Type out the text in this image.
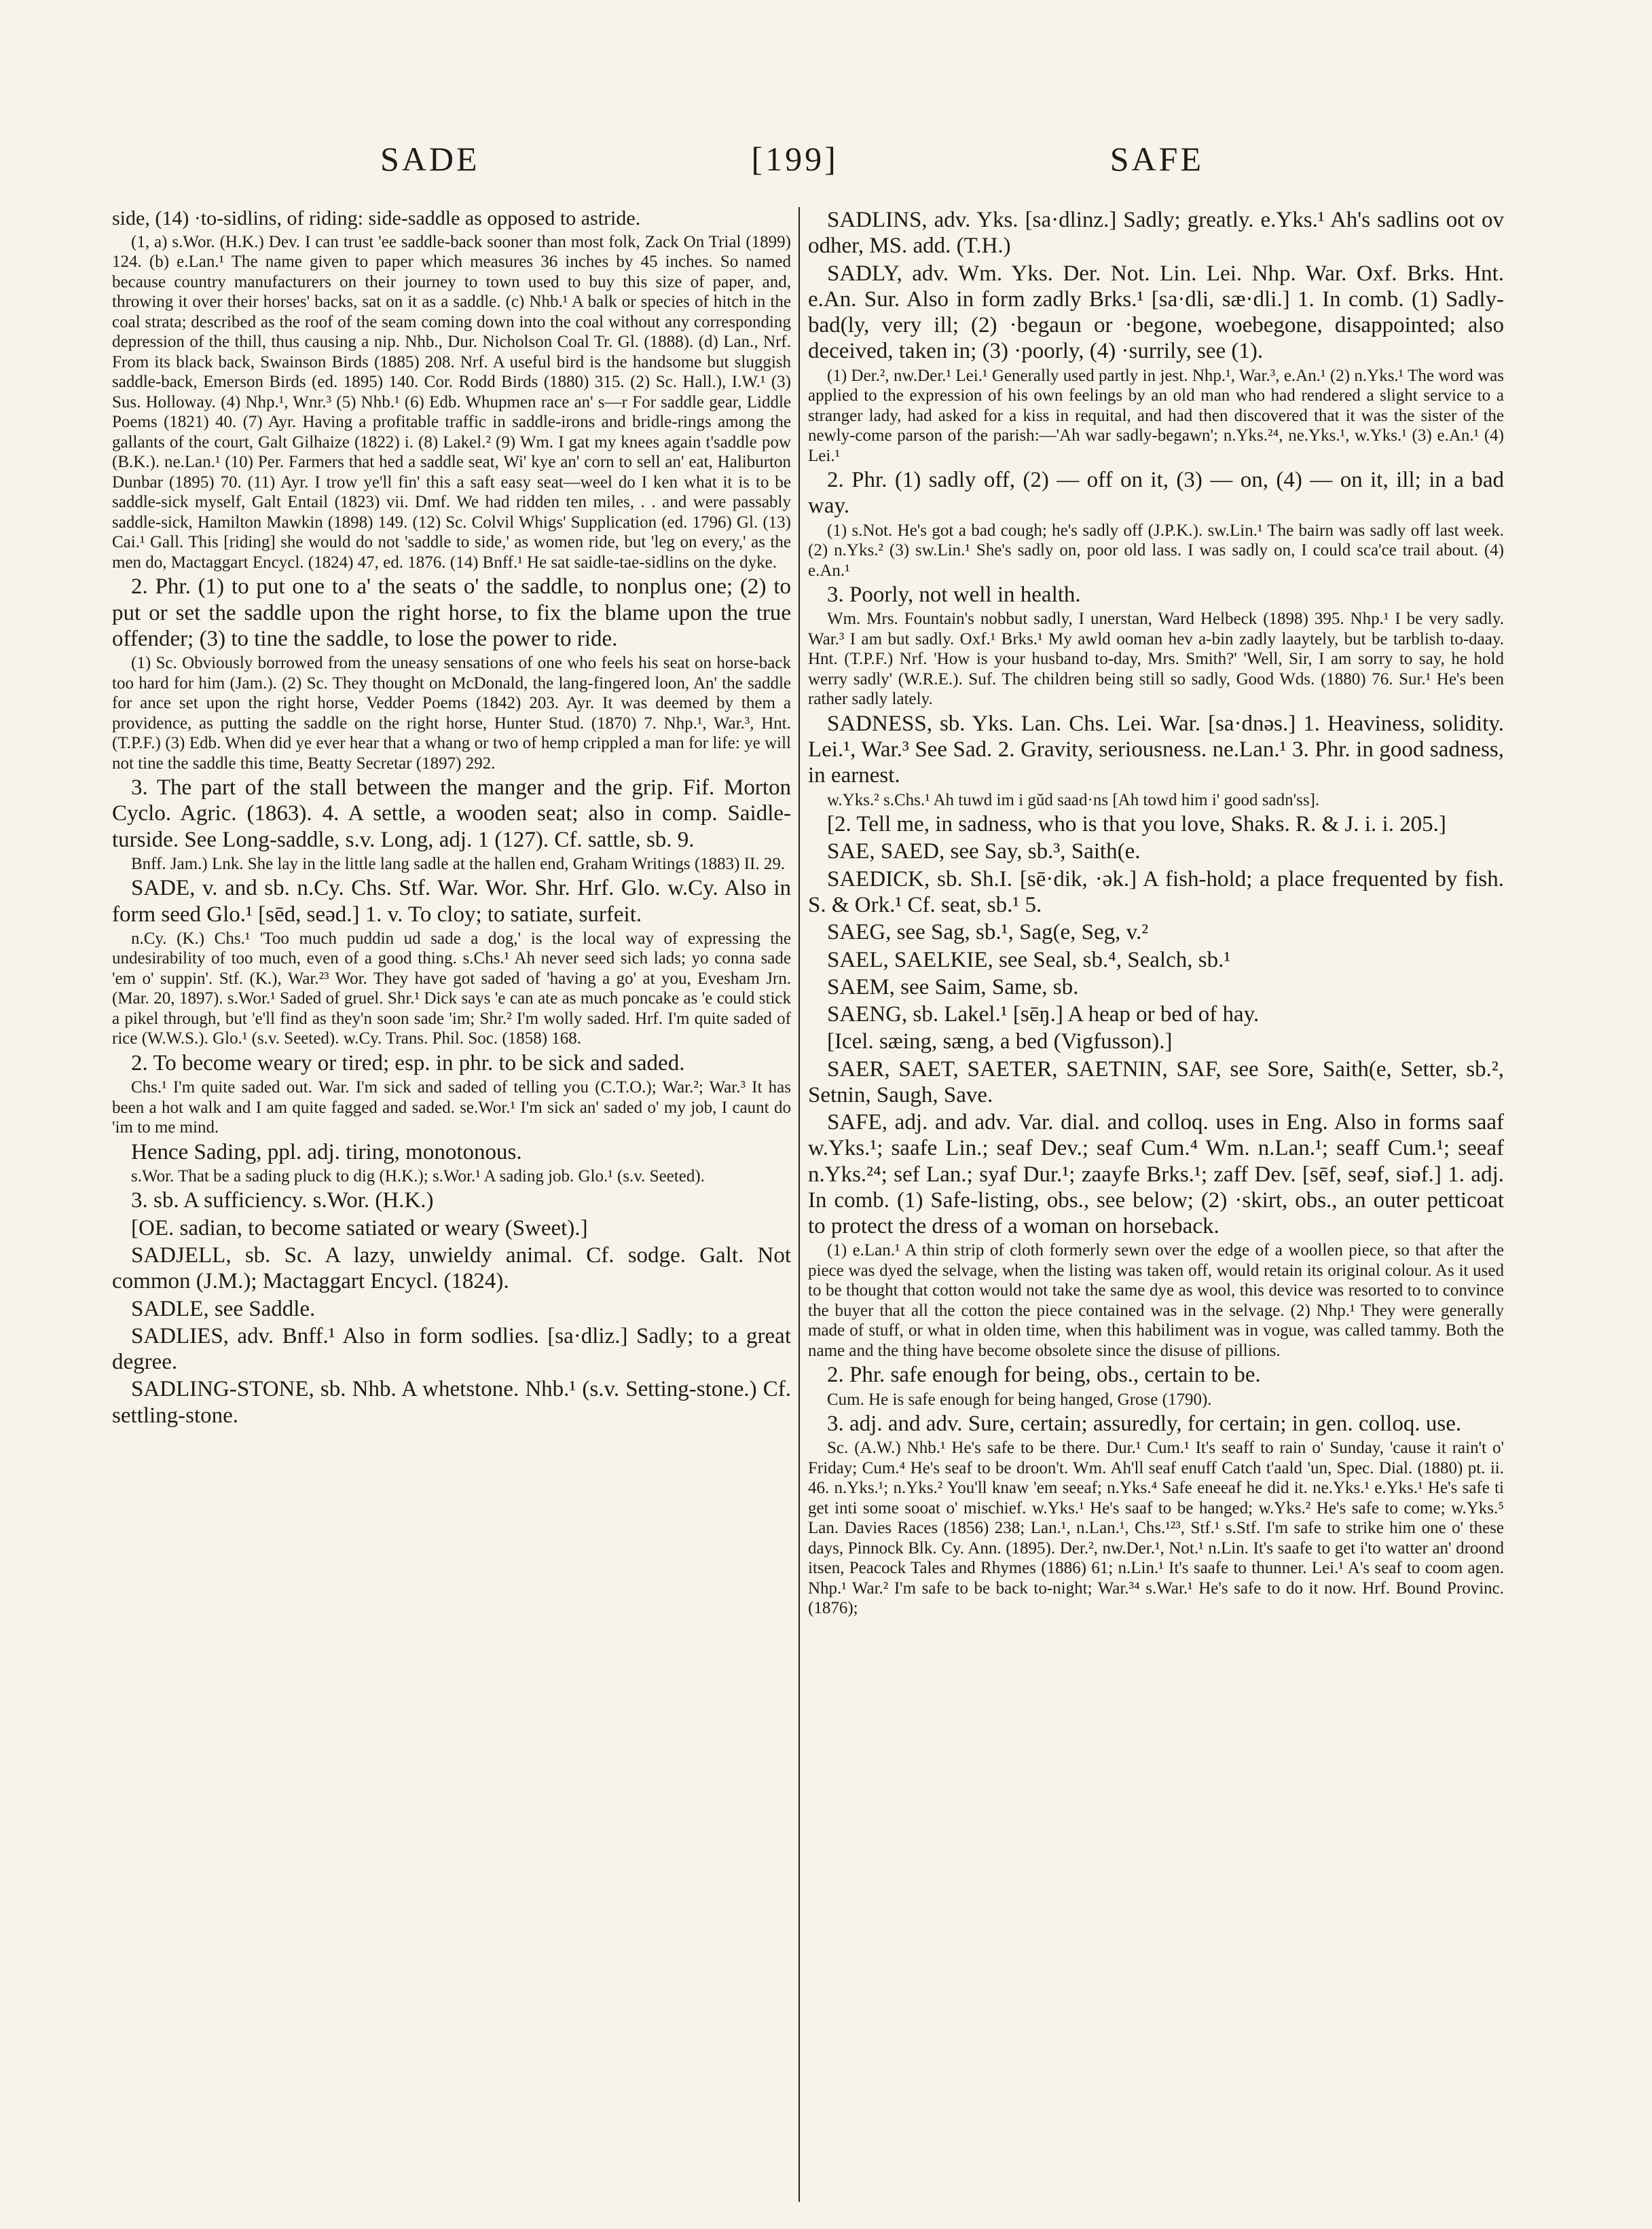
SADE	[199]	SAFE

side, (14) ·to-sidlins, of riding: side-saddle as opposed to astride.

(1, a) s.Wor. (H.K.) Dev. I can trust 'ee saddle-back sooner than most folk, Zack On Trial (1899) 124. (b) e.Lan.¹ The name given to paper which measures 36 inches by 45 inches. So named because country manufacturers on their journey to town used to buy this size of paper, and, throwing it over their horses' backs, sat on it as a saddle. (c) Nhb.¹ A balk or species of hitch in the coal strata; described as the roof of the seam coming down into the coal without any corresponding depression of the thill, thus causing a nip. Nhb., Dur. Nicholson Coal Tr. Gl. (1888). (d) Lan., Nrf. From its black back, Swainson Birds (1885) 208. Nrf. A useful bird is the handsome but sluggish saddle-back, Emerson Birds (ed. 1895) 140. Cor. Rodd Birds (1880) 315. (2) Sc. Hall.), I.W.¹ (3) Sus. Holloway. (4) Nhp.¹, Wnr.³ (5) Nhb.¹ (6) Edb. Whupmen race an' s—r For saddle gear, Liddle Poems (1821) 40. (7) Ayr. Having a profitable traffic in saddle-irons and bridle-rings among the gallants of the court, Galt Gilhaize (1822) i. (8) Lakel.² (9) Wm. I gat my knees again t'saddle pow (B.K.). ne.Lan.¹ (10) Per. Farmers that hed a saddle seat, Wi' kye an' corn to sell an' eat, Haliburton Dunbar (1895) 70. (11) Ayr. I trow ye'll fin' this a saft easy seat—weel do I ken what it is to be saddle-sick myself, Galt Entail (1823) vii. Dmf. We had ridden ten miles, . . and were passably saddle-sick, Hamilton Mawkin (1898) 149. (12) Sc. Colvil Whigs' Supplication (ed. 1796) Gl. (13) Cai.¹ Gall. This [riding] she would do not 'saddle to side,' as women ride, but 'leg on every,' as the men do, Mactaggart Encycl. (1824) 47, ed. 1876. (14) Bnff.¹ He sat saidle-tae-sidlins on the dyke.

2. Phr. (1) to put one to a' the seats o' the saddle, to nonplus one; (2) to put or set the saddle upon the right horse, to fix the blame upon the true offender; (3) to tine the saddle, to lose the power to ride.

(1) Sc. Obviously borrowed from the uneasy sensations of one who feels his seat on horse-back too hard for him (Jam.). (2) Sc. They thought on McDonald, the lang-fingered loon, An' the saddle for ance set upon the right horse, Vedder Poems (1842) 203. Ayr. It was deemed by them a providence, as putting the saddle on the right horse, Hunter Stud. (1870) 7. Nhp.¹, War.³, Hnt. (T.P.F.) (3) Edb. When did ye ever hear that a whang or two of hemp crippled a man for life: ye will not tine the saddle this time, Beatty Secretar (1897) 292.

3. The part of the stall between the manger and the grip. Fif. Morton Cyclo. Agric. (1863). 4. A settle, a wooden seat; also in comp. Saidle-turside. See Long-saddle, s.v. Long, adj. 1 (127). Cf. sattle, sb. 9.

Bnff. Jam.) Lnk. She lay in the little lang sadle at the hallen end, Graham Writings (1883) II. 29.

SADE, v. and sb. n.Cy. Chs. Stf. War. Wor. Shr. Hrf. Glo. w.Cy. Also in form seed Glo.¹ [sēd, seəd.] 1. v. To cloy; to satiate, surfeit.

n.Cy. (K.) Chs.¹ 'Too much puddin ud sade a dog,' is the local way of expressing the undesirability of too much, even of a good thing. s.Chs.¹ Ah never seed sich lads; yo conna sade 'em o' suppin'. Stf. (K.), War.²³ Wor. They have got saded of 'having a go' at you, Evesham Jrn. (Mar. 20, 1897). s.Wor.¹ Saded of gruel. Shr.¹ Dick says 'e can ate as much poncake as 'e could stick a pikel through, but 'e'll find as they'n soon sade 'im; Shr.² I'm wolly saded. Hrf. I'm quite saded of rice (W.W.S.). Glo.¹ (s.v. Seeted). w.Cy. Trans. Phil. Soc. (1858) 168.

2. To become weary or tired; esp. in phr. to be sick and saded.

Chs.¹ I'm quite saded out. War. I'm sick and saded of telling you (C.T.O.); War.²; War.³ It has been a hot walk and I am quite fagged and saded. se.Wor.¹ I'm sick an' saded o' my job, I caunt do 'im to me mind.

Hence Sading, ppl. adj. tiring, monotonous.

s.Wor. That be a sading pluck to dig (H.K.); s.Wor.¹ A sading job. Glo.¹ (s.v. Seeted).

3. sb. A sufficiency. s.Wor. (H.K.)

[OE. sadian, to become satiated or weary (Sweet).]

SADJELL, sb. Sc. A lazy, unwieldy animal. Cf. sodge. Galt. Not common (J.M.); Mactaggart Encycl. (1824).

SADLE, see Saddle.

SADLIES, adv. Bnff.¹ Also in form sodlies. [sa·dliz.] Sadly; to a great degree.

SADLING-STONE, sb. Nhb. A whetstone. Nhb.¹ (s.v. Setting-stone.) Cf. settling-stone.

SADLINS, adv. Yks. [sa·dlinz.] Sadly; greatly. e.Yks.¹ Ah's sadlins oot ov odher, MS. add. (T.H.)

SADLY, adv. Wm. Yks. Der. Not. Lin. Lei. Nhp. War. Oxf. Brks. Hnt. e.An. Sur. Also in form zadly Brks.¹ [sa·dli, sæ·dli.] 1. In comb. (1) Sadly-bad(ly, very ill; (2) ·begaun or ·begone, woebegone, disappointed; also deceived, taken in; (3) ·poorly, (4) ·surrily, see (1).

(1) Der.², nw.Der.¹ Lei.¹ Generally used partly in jest. Nhp.¹, War.³, e.An.¹ (2) n.Yks.¹ The word was applied to the expression of his own feelings by an old man who had rendered a slight service to a stranger lady, had asked for a kiss in requital, and had then discovered that it was the sister of the newly-come parson of the parish:—'Ah war sadly-begawn'; n.Yks.²⁴, ne.Yks.¹, w.Yks.¹ (3) e.An.¹ (4) Lei.¹

2. Phr. (1) sadly off, (2) — off on it, (3) — on, (4) — on it, ill; in a bad way.

(1) s.Not. He's got a bad cough; he's sadly off (J.P.K.). sw.Lin.¹ The bairn was sadly off last week. (2) n.Yks.² (3) sw.Lin.¹ She's sadly on, poor old lass. I was sadly on, I could sca'ce trail about. (4) e.An.¹

3. Poorly, not well in health.

Wm. Mrs. Fountain's nobbut sadly, I unerstan, Ward Helbeck (1898) 395. Nhp.¹ I be very sadly. War.³ I am but sadly. Oxf.¹ Brks.¹ My awld ooman hev a-bin zadly laaytely, but be tarblish to-daay. Hnt. (T.P.F.) Nrf. 'How is your husband to-day, Mrs. Smith?' 'Well, Sir, I am sorry to say, he hold werry sadly' (W.R.E.). Suf. The children being still so sadly, Good Wds. (1880) 76. Sur.¹ He's been rather sadly lately.

SADNESS, sb. Yks. Lan. Chs. Lei. War. [sa·dnəs.] 1. Heaviness, solidity. Lei.¹, War.³ See Sad. 2. Gravity, seriousness. ne.Lan.¹ 3. Phr. in good sadness, in earnest.

w.Yks.² s.Chs.¹ Ah tuwd im i gŭd saad·ns [Ah towd him i' good sadn'ss].

[2. Tell me, in sadness, who is that you love, Shaks. R. & J. i. i. 205.]

SAE, SAED, see Say, sb.³, Saith(e.

SAEDICK, sb. Sh.I. [sē·dik, ·ək.] A fish-hold; a place frequented by fish. S. & Ork.¹ Cf. seat, sb.¹ 5.

SAEG, see Sag, sb.¹, Sag(e, Seg, v.²

SAEL, SAELKIE, see Seal, sb.⁴, Sealch, sb.¹

SAEM, see Saim, Same, sb.

SAENG, sb. Lakel.¹ [sēŋ.] A heap or bed of hay.

[Icel. sæing, sæng, a bed (Vigfusson).]

SAER, SAET, SAETER, SAETNIN, SAF, see Sore, Saith(e, Setter, sb.², Setnin, Saugh, Save.

SAFE, adj. and adv. Var. dial. and colloq. uses in Eng. Also in forms saaf w.Yks.¹; saafe Lin.; seaf Dev.; seaf Cum.⁴ Wm. n.Lan.¹; seaff Cum.¹; seeaf n.Yks.²⁴; sef Lan.; syaf Dur.¹; zaayfe Brks.¹; zaff Dev. [sēf, seəf, siəf.] 1. adj. In comb. (1) Safe-listing, obs., see below; (2) ·skirt, obs., an outer petticoat to protect the dress of a woman on horseback.

(1) e.Lan.¹ A thin strip of cloth formerly sewn over the edge of a woollen piece, so that after the piece was dyed the selvage, when the listing was taken off, would retain its original colour. As it used to be thought that cotton would not take the same dye as wool, this device was resorted to to convince the buyer that all the cotton the piece contained was in the selvage. (2) Nhp.¹ They were generally made of stuff, or what in olden time, when this habiliment was in vogue, was called tammy. Both the name and the thing have become obsolete since the disuse of pillions.

2. Phr. safe enough for being, obs., certain to be.

Cum. He is safe enough for being hanged, Grose (1790).

3. adj. and adv. Sure, certain; assuredly, for certain; in gen. colloq. use.

Sc. (A.W.) Nhb.¹ He's safe to be there. Dur.¹ Cum.¹ It's seaff to rain o' Sunday, 'cause it rain't o' Friday; Cum.⁴ He's seaf to be droon't. Wm. Ah'll seaf enuff Catch t'aald 'un, Spec. Dial. (1880) pt. ii. 46. n.Yks.¹; n.Yks.² You'll knaw 'em seeaf; n.Yks.⁴ Safe eneeaf he did it. ne.Yks.¹ e.Yks.¹ He's safe ti get inti some sooat o' mischief. w.Yks.¹ He's saaf to be hanged; w.Yks.² He's safe to come; w.Yks.⁵ Lan. Davies Races (1856) 238; Lan.¹, n.Lan.¹, Chs.¹²³, Stf.¹ s.Stf. I'm safe to strike him one o' these days, Pinnock Blk. Cy. Ann. (1895). Der.², nw.Der.¹, Not.¹ n.Lin. It's saafe to get i'to watter an' droond itsen, Peacock Tales and Rhymes (1886) 61; n.Lin.¹ It's saafe to thunner. Lei.¹ A's seaf to coom agen. Nhp.¹ War.² I'm safe to be back to-night; War.³⁴ s.War.¹ He's safe to do it now. Hrf. Bound Provinc. (1876);
